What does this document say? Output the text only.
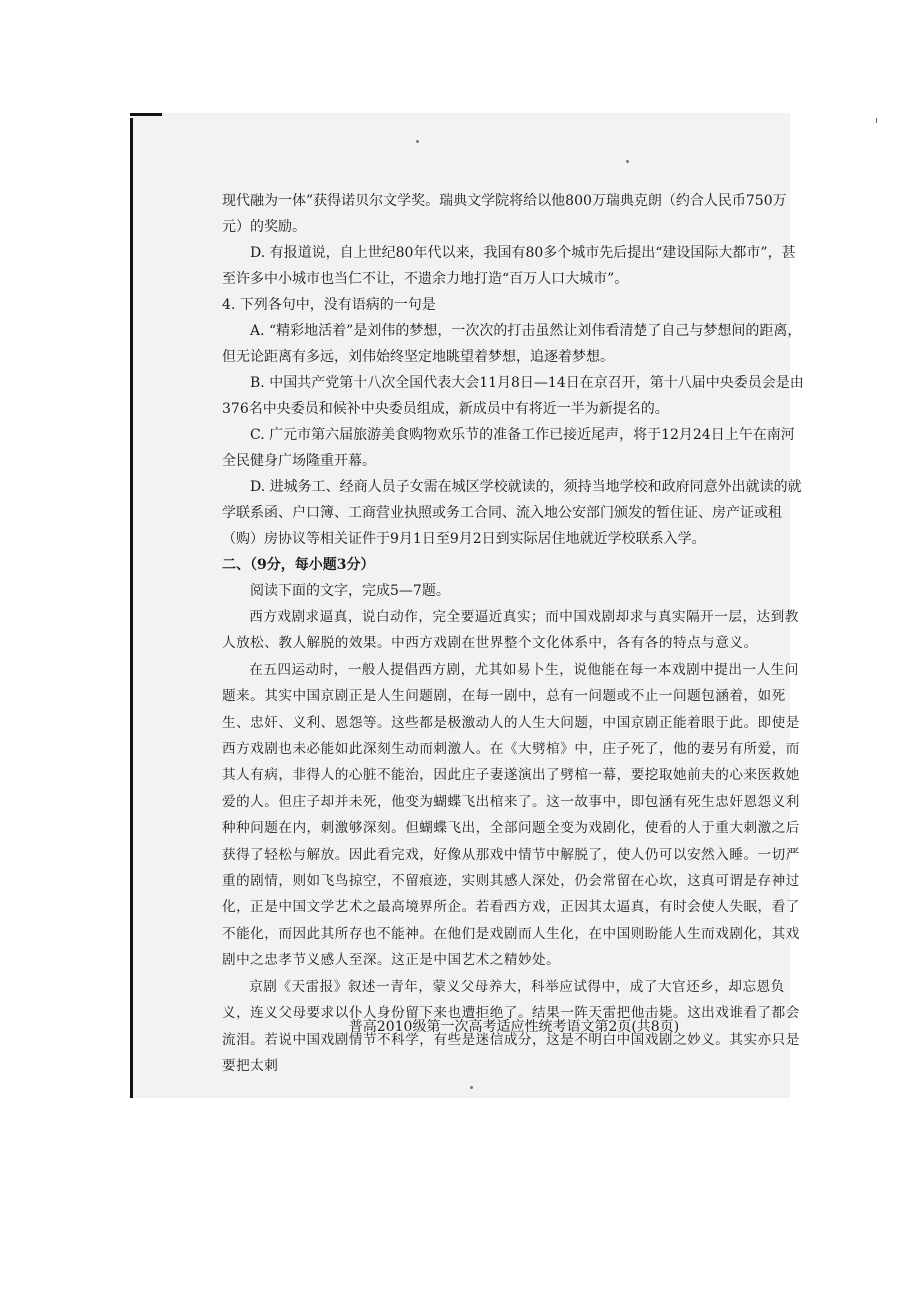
现代融为一体”获得诺贝尔文学奖。瑞典文学院将给以他800万瑞典克朗（约合人民币750万

元）的奖励。

D. 有报道说，自上世纪80年代以来，我国有80多个城市先后提出“建设国际大都市”，甚至许多中小城市也当仁不让，不遗余力地打造“百万人口大城市”。

4. 下列各句中，没有语病的一句是

A. “精彩地活着”是刘伟的梦想，一次次的打击虽然让刘伟看清楚了自己与梦想间的距离，但无论距离有多远，刘伟始终坚定地眺望着梦想，追逐着梦想。

B. 中国共产党第十八次全国代表大会11月8日—14日在京召开，第十八届中央委员会是由376名中央委员和候补中央委员组成，新成员中有将近一半为新提名的。

C. 广元市第六届旅游美食购物欢乐节的准备工作已接近尾声，将于12月24日上午在南河全民健身广场隆重开幕。

D. 进城务工、经商人员子女需在城区学校就读的，须持当地学校和政府同意外出就读的就学联系函、户口簿、工商营业执照或务工合同、流入地公安部门颁发的暂住证、房产证或租（购）房协议等相关证件于9月1日至9月2日到实际居住地就近学校联系入学。

二、（9分，每小题3分）

阅读下面的文字，完成5—7题。

西方戏剧求逼真，说白动作，完全要逼近真实；而中国戏剧却求与真实隔开一层，达到教人放松、教人解脱的效果。中西方戏剧在世界整个文化体系中，各有各的特点与意义。

在五四运动时，一般人提倡西方剧，尤其如易卜生，说他能在每一本戏剧中提出一人生问题来。其实中国京剧正是人生问题剧，在每一剧中，总有一问题或不止一问题包涵着，如死生、忠奸、义利、恩怨等。这些都是极激动人的人生大问题，中国京剧正能着眼于此。即使是西方戏剧也未必能如此深刻生动而刺激人。在《大劈棺》中，庄子死了，他的妻另有所爱，而其人有病，非得人的心脏不能治，因此庄子妻遂演出了劈棺一幕，要挖取她前夫的心来医救她爱的人。但庄子却并未死，他变为蝴蝶飞出棺来了。这一故事中，即包涵有死生忠奸恩怨义利种种问题在内，刺激够深刻。但蝴蝶飞出，全部问题全变为戏剧化，使看的人于重大刺激之后获得了轻松与解放。因此看完戏，好像从那戏中情节中解脱了，使人仍可以安然入睡。一切严重的剧情，则如飞鸟掠空，不留痕迹，实则其感人深处，仍会常留在心坎，这真可谓是存神过化，正是中国文学艺术之最高境界所企。若看西方戏，正因其太逼真，有时会使人失眠，看了不能化，而因此其所存也不能神。在他们是戏剧而人生化，在中国则盼能人生而戏剧化，其戏剧中之忠孝节义感人至深。这正是中国艺术之精妙处。

京剧《天雷报》叙述一青年，蒙义父母养大，科举应试得中，成了大官还乡，却忘恩负义，连义父母要求以仆人身份留下来也遭拒绝了。结果一阵天雷把他击毙。这出戏谁看了都会流泪。若说中国戏剧情节不科学，有些是迷信成分，这是不明白中国戏剧之妙义。其实亦只是要把太刺

普高2010级第一次高考适应性统考语文第2页(共8页)
